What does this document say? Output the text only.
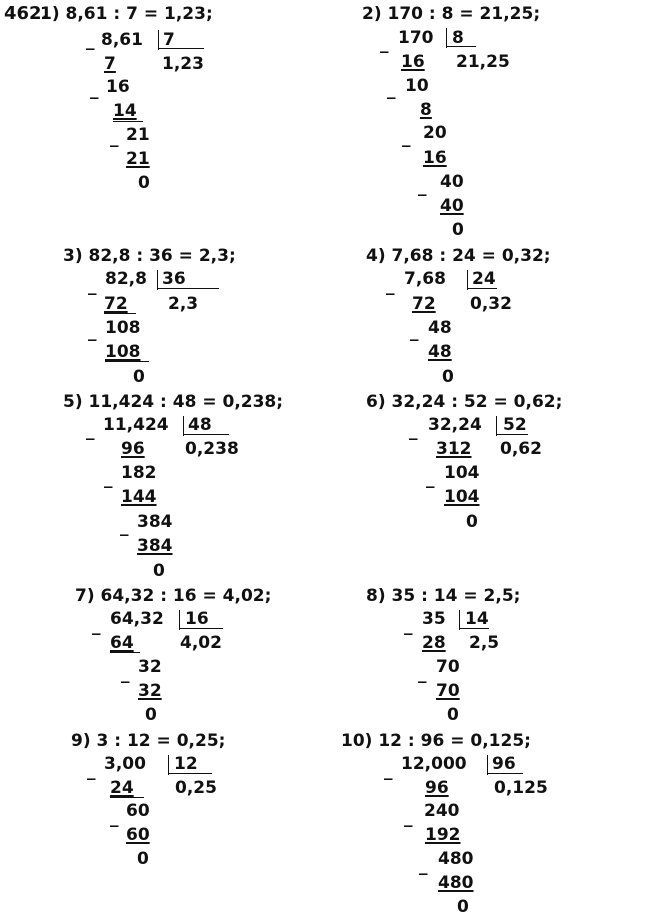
462.
1) 8,61 : 7 = 1,23;
_ 8,61 7
1,23
7
_ 16
14
_ 21
21
0
2) 170 : 8 = 21,25;
_ 170 8
21,25
16
_ 10
8
_ 20
16
_ 40
40
0
3) 82,8 : 36 = 2,3;
_ 82,8 36
2,3
72
_ 108
108
0
4) 7,68 : 24 = 0,32;
_ 7,68 24
0,32
72
_ 48
48
0
5) 11,424 : 48 = 0,238;
_ 11,424 48
0,238
96
_ 182
144
_ 384
384
0
6) 32,24 : 52 = 0,62;
_ 32,24 52
0,62
312
_ 104
104
0
7) 64,32 : 16 = 4,02;
_ 64,32 16
4,02
64
_ 32
32
0
8) 35 : 14 = 2,5;
_ 35 14
2,5
28
_ 70
70
0
9) 3 : 12 = 0,25;
_ 3,00 12
0,25
24
_ 60
60
0
10) 12 : 96 = 0,125;
_ 12,000 96
0,125
96
_ 240
192
_ 480
480
0
